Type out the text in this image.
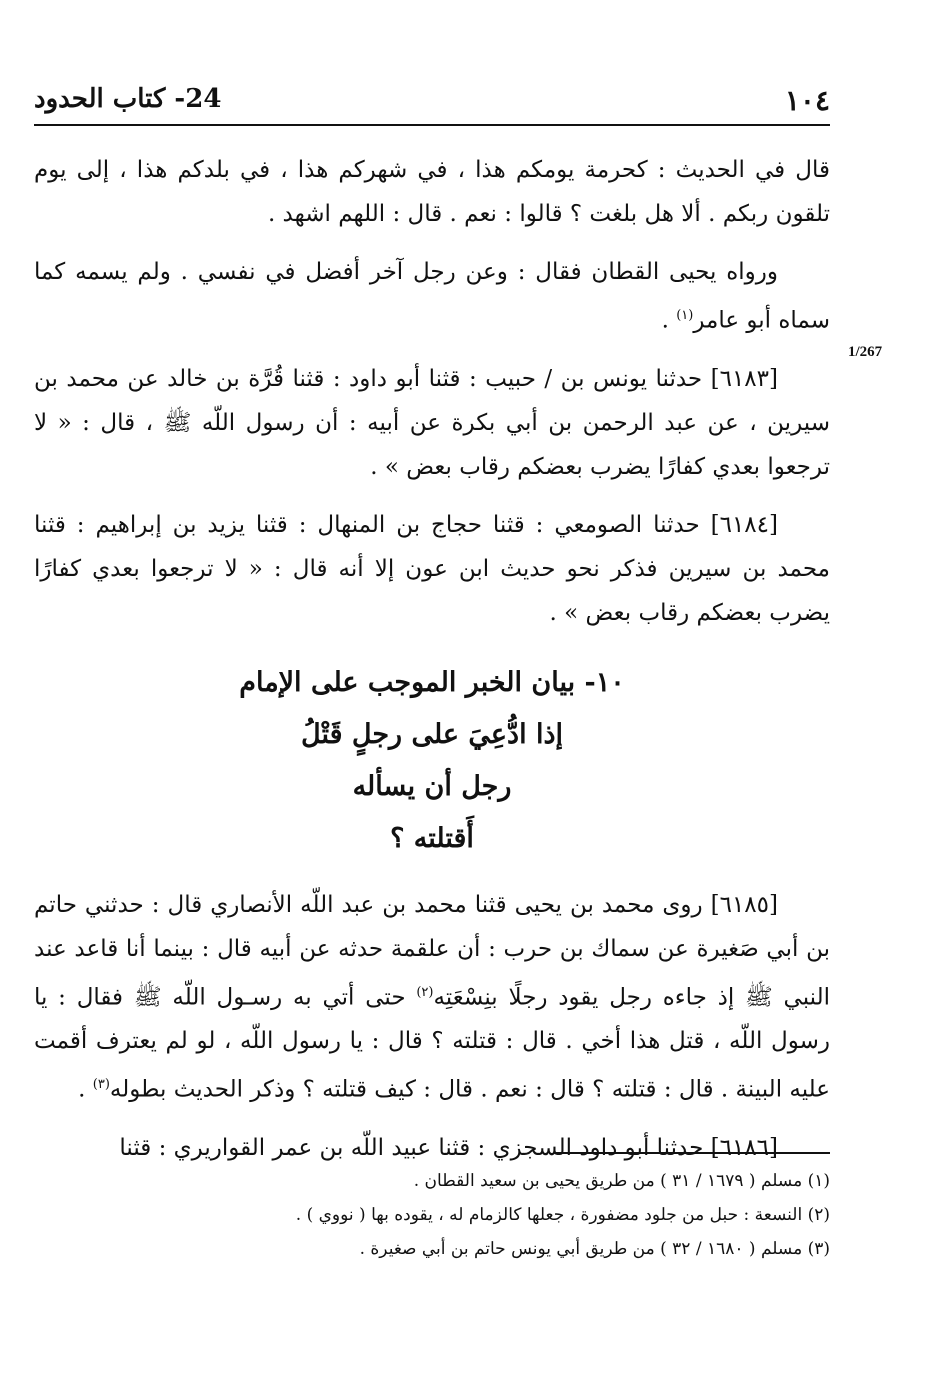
١٠٤
24- كتاب الحدود
1/267

قال في الحديث : كحرمة يومكم هذا ، في شهركم هذا ، في بلدكم هذا ، إلى يوم تلقون ربكم . ألا هل بلغت ؟ قالوا : نعم . قال : اللهم اشهد .

ورواه يحيى القطان فقال : وعن رجل آخر أفضل في نفسي . ولم يسمه كما سماه أبو عامر$^{(١)}$ .

[٦١٨٣] حدثنا يونس بن / حبيب : قثنا أبو داود : قثنا قُرَّة بن خالد عن محمد بن سيرين ، عن عبد الرحمن بن أبي بكرة عن أبيه : أن رسول اللّه ﷺ ، قال : « لا ترجعوا بعدي كفارًا يضرب بعضكم رقاب بعض » .

[٦١٨٤] حدثنا الصومعي : قثنا حجاج بن المنهال : قثنا يزيد بن إبراهيم : قثنا محمد بن سيرين فذكر نحو حديث ابن عون إلا أنه قال : « لا ترجعوا بعدي كفارًا يضرب بعضكم رقاب بعض » .

١٠- بيان الخبر الموجب على الإمام
إذا ادُّعِيَ على رجلٍ قَتْلُ
رجل أن يسأله
أَقتلته ؟

[٦١٨٥] روى محمد بن يحيى قثنا محمد بن عبد اللّه الأنصاري قال : حدثني حاتم بن أبي صَغيرة عن سماك بن حرب : أن علقمة حدثه عن أبيه قال : بينما أنا قاعد عند النبي ﷺ إذ جاءه رجل يقود رجلًا بنِسْعَتِه$^{(٢)}$ حتى أتي به رسـول اللّه ﷺ فقال : يا رسول اللّه ، قتل هذا أخي . قال : قتلته ؟ قال : يا رسول اللّه ، لو لم يعترف أقمت عليه البينة . قال : قتلته ؟ قال : نعم . قال : كيف قتلته ؟ وذكر الحديث بطوله$^{(٣)}$ .

[٦١٨٦] حدثنا أبو داود السجزي : قثنا عبيد اللّه بن عمر القواريري : قثنا

(١) مسلم ( ١٦٧٩ / ٣١ ) من طريق يحيى بن سعيد القطان .
(٢) النسعة : حبل من جلود مضفورة ، جعلها كالزمام له ، يقوده بها ( نووي ) .
(٣) مسلم ( ١٦٨٠ / ٣٢ ) من طريق أبي يونس حاتم بن أبي صغيرة .
